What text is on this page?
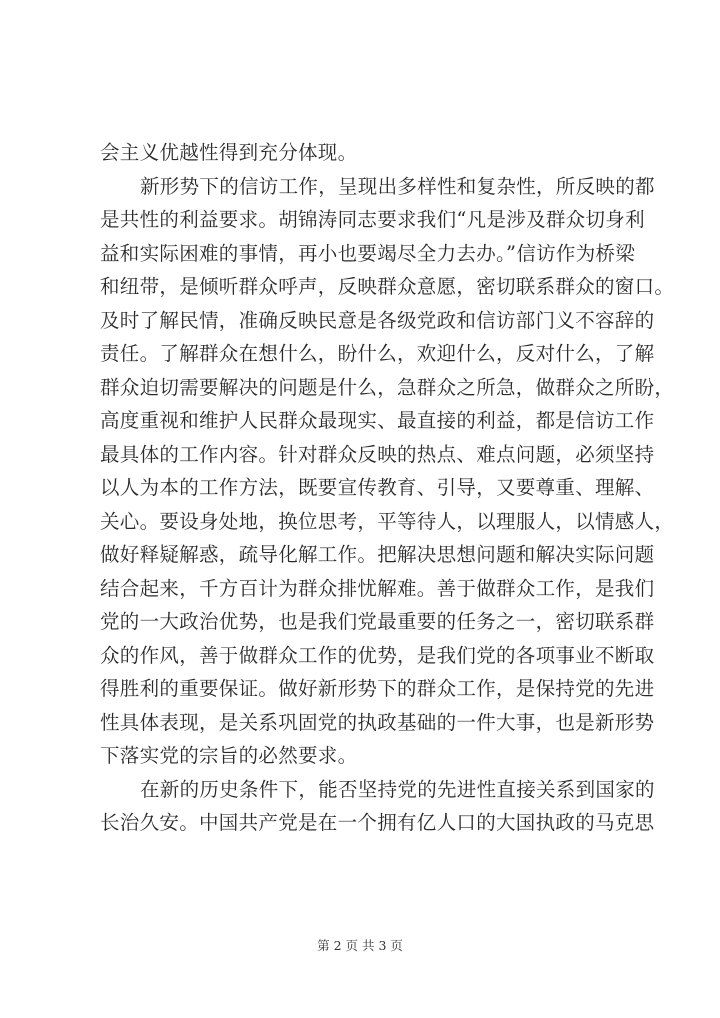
会主义优越性得到充分体现。
新形势下的信访工作，呈现出多样性和复杂性，所反映的都
是共性的利益要求。胡锦涛同志要求我们“凡是涉及群众切身利
益和实际困难的事情，再小也要竭尽全力去办。”信访作为桥梁
和纽带，是倾听群众呼声，反映群众意愿，密切联系群众的窗口。
及时了解民情，准确反映民意是各级党政和信访部门义不容辞的
责任。了解群众在想什么，盼什么，欢迎什么，反对什么，了解
群众迫切需要解决的问题是什么，急群众之所急，做群众之所盼，
高度重视和维护人民群众最现实、最直接的利益，都是信访工作
最具体的工作内容。针对群众反映的热点、难点问题，必须坚持
以人为本的工作方法，既要宣传教育、引导，又要尊重、理解、
关心。要设身处地，换位思考，平等待人，以理服人，以情感人，
做好释疑解惑，疏导化解工作。把解决思想问题和解决实际问题
结合起来，千方百计为群众排忧解难。善于做群众工作，是我们
党的一大政治优势，也是我们党最重要的任务之一，密切联系群
众的作风，善于做群众工作的优势，是我们党的各项事业不断取
得胜利的重要保证。做好新形势下的群众工作，是保持党的先进
性具体表现，是关系巩固党的执政基础的一件大事，也是新形势
下落实党的宗旨的必然要求。
在新的历史条件下，能否坚持党的先进性直接关系到国家的
长治久安。中国共产党是在一个拥有亿人口的大国执政的马克思
第 2 页 共 3 页
